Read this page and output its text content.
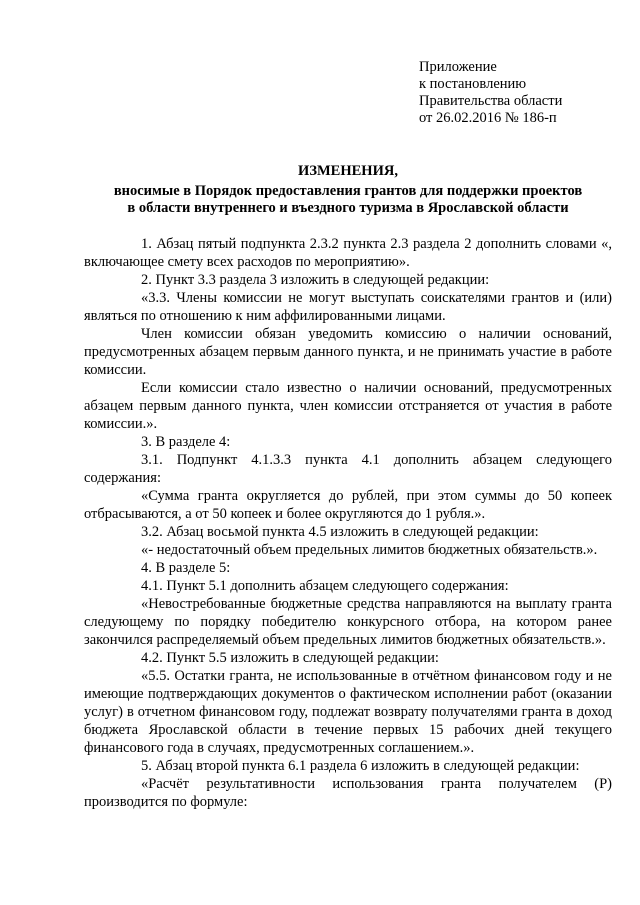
Приложение
к постановлению
Правительства области
от 26.02.2016 № 186-п
ИЗМЕНЕНИЯ,
вносимые в Порядок предоставления грантов для поддержки проектов
в области внутреннего и въездного туризма в Ярославской области

1. Абзац пятый подпункта 2.3.2 пункта 2.3 раздела 2 дополнить словами «, включающее смету всех расходов по мероприятию».

2. Пункт 3.3 раздела 3 изложить в следующей редакции:

«3.3. Члены комиссии не могут выступать соискателями грантов и (или) являться по отношению к ним аффилированными лицами.

Член комиссии обязан уведомить комиссию о наличии оснований, предусмотренных абзацем первым данного пункта, и не принимать участие в работе комиссии.

Если комиссии стало известно о наличии оснований, предусмотренных абзацем первым данного пункта, член комиссии отстраняется от участия в работе комиссии.».

3. В разделе 4:

3.1. Подпункт 4.1.3.3 пункта 4.1 дополнить абзацем следующего содержания:

«Сумма гранта округляется до рублей, при этом суммы до 50 копеек отбрасываются, а от 50 копеек и более округляются до 1 рубля.».

3.2. Абзац восьмой пункта 4.5 изложить в следующей редакции:

«- недостаточный объем предельных лимитов бюджетных обязательств.».

4. В разделе 5:

4.1. Пункт 5.1 дополнить абзацем следующего содержания:

«Невостребованные бюджетные средства направляются на выплату гранта следующему по порядку победителю конкурсного отбора, на котором ранее закончился распределяемый объем предельных лимитов бюджетных обязательств.».

4.2. Пункт 5.5 изложить в следующей редакции:

«5.5. Остатки гранта, не использованные в отчётном финансовом году и не имеющие подтверждающих документов о фактическом исполнении работ (оказании услуг) в отчетном финансовом году, подлежат возврату получателями гранта в доход бюджета Ярославской области в течение первых 15 рабочих дней текущего финансового года в случаях, предусмотренных соглашением.».

5. Абзац второй пункта 6.1 раздела 6 изложить в следующей редакции:

«Расчёт результативности использования гранта получателем (Р) производится по формуле:
